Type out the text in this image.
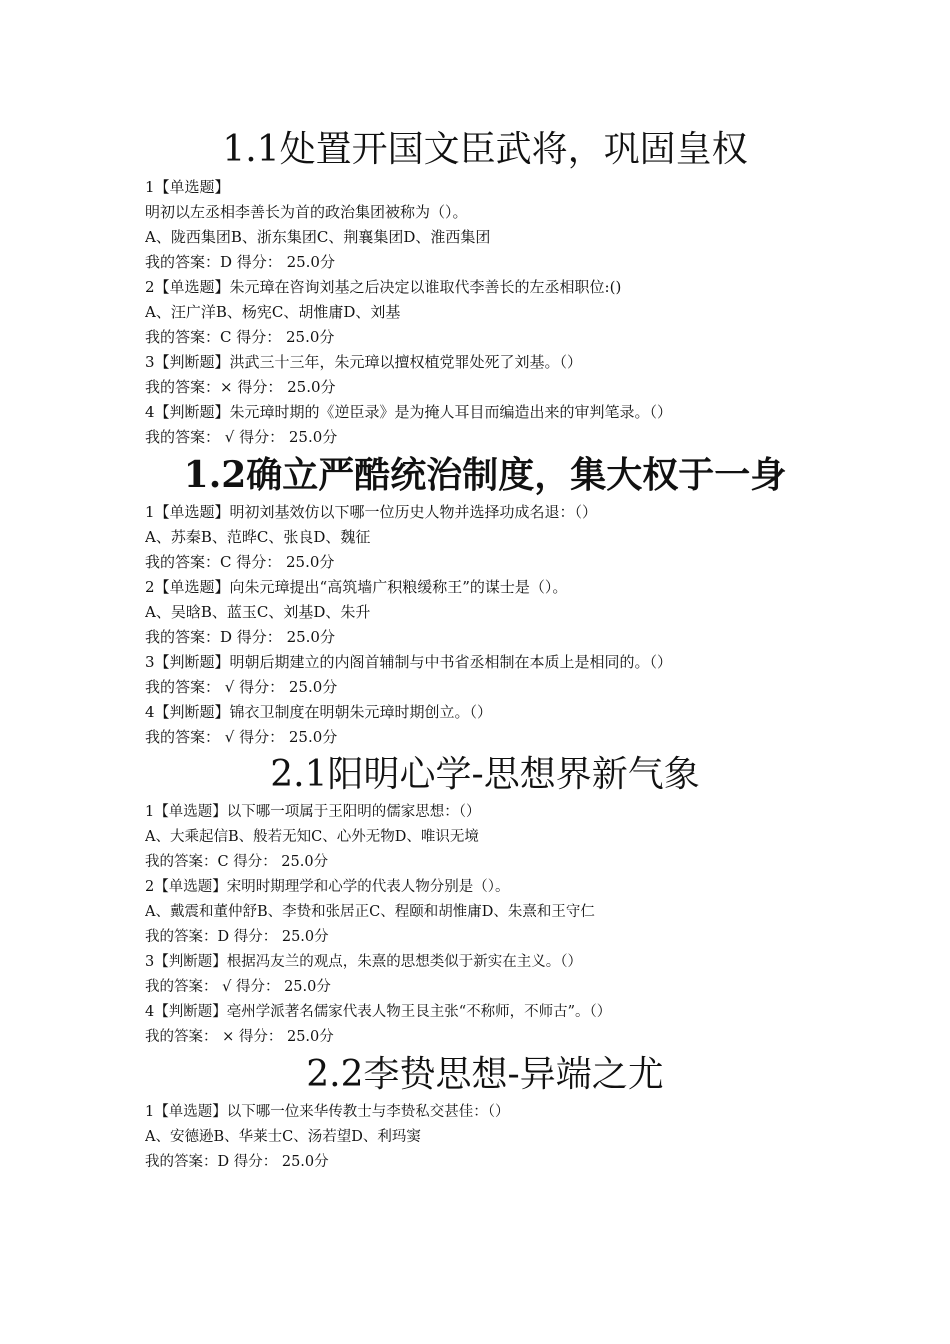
1.1处置开国文臣武将，巩固皇权
1【单选题】
明初以左丞相李善长为首的政治集团被称为（）。
A、陇西集团B、浙东集团C、荆襄集团D、淮西集团
我的答案：D 得分： 25.0分
2【单选题】朱元璋在咨询刘基之后决定以谁取代李善长的左丞相职位:()
A、汪广洋B、杨宪C、胡惟庸D、刘基
我的答案：C 得分： 25.0分
3【判断题】洪武三十三年，朱元璋以擅权植党罪处死了刘基。（）
我的答案：× 得分： 25.0分
4【判断题】朱元璋时期的《逆臣录》是为掩人耳目而编造出来的审判笔录。（）
我的答案： √ 得分： 25.0分
1.2确立严酷统治制度，集大权于一身
1【单选题】明初刘基效仿以下哪一位历史人物并选择功成名退：（）
A、苏秦B、范晔C、张良D、魏征
我的答案：C 得分： 25.0分
2【单选题】向朱元璋提出“高筑墙广积粮缓称王”的谋士是（）。
A、吴晗B、蓝玉C、刘基D、朱升
我的答案：D 得分： 25.0分
3【判断题】明朝后期建立的内阁首辅制与中书省丞相制在本质上是相同的。（）
我的答案： √ 得分： 25.0分
4【判断题】锦衣卫制度在明朝朱元璋时期创立。（）
我的答案： √ 得分： 25.0分
2.1阳明心学-思想界新气象
1【单选题】以下哪一项属于王阳明的儒家思想：（）
A、大乘起信B、般若无知C、心外无物D、唯识无境
我的答案：C 得分： 25.0分
2【单选题】宋明时期理学和心学的代表人物分别是（）。
A、戴震和董仲舒B、李贽和张居正C、程颐和胡惟庸D、朱熹和王守仁
我的答案：D 得分： 25.0分
3【判断题】根据冯友兰的观点，朱熹的思想类似于新实在主义。（）
我的答案： √ 得分： 25.0分
4【判断题】亳州学派著名儒家代表人物王艮主张“不称师，不师古”。（）
我的答案： × 得分： 25.0分
2.2李贽思想-异端之尤
1【单选题】以下哪一位来华传教士与李贽私交甚佳：（）
A、安德逊B、华莱士C、汤若望D、利玛窦
我的答案：D 得分： 25.0分
